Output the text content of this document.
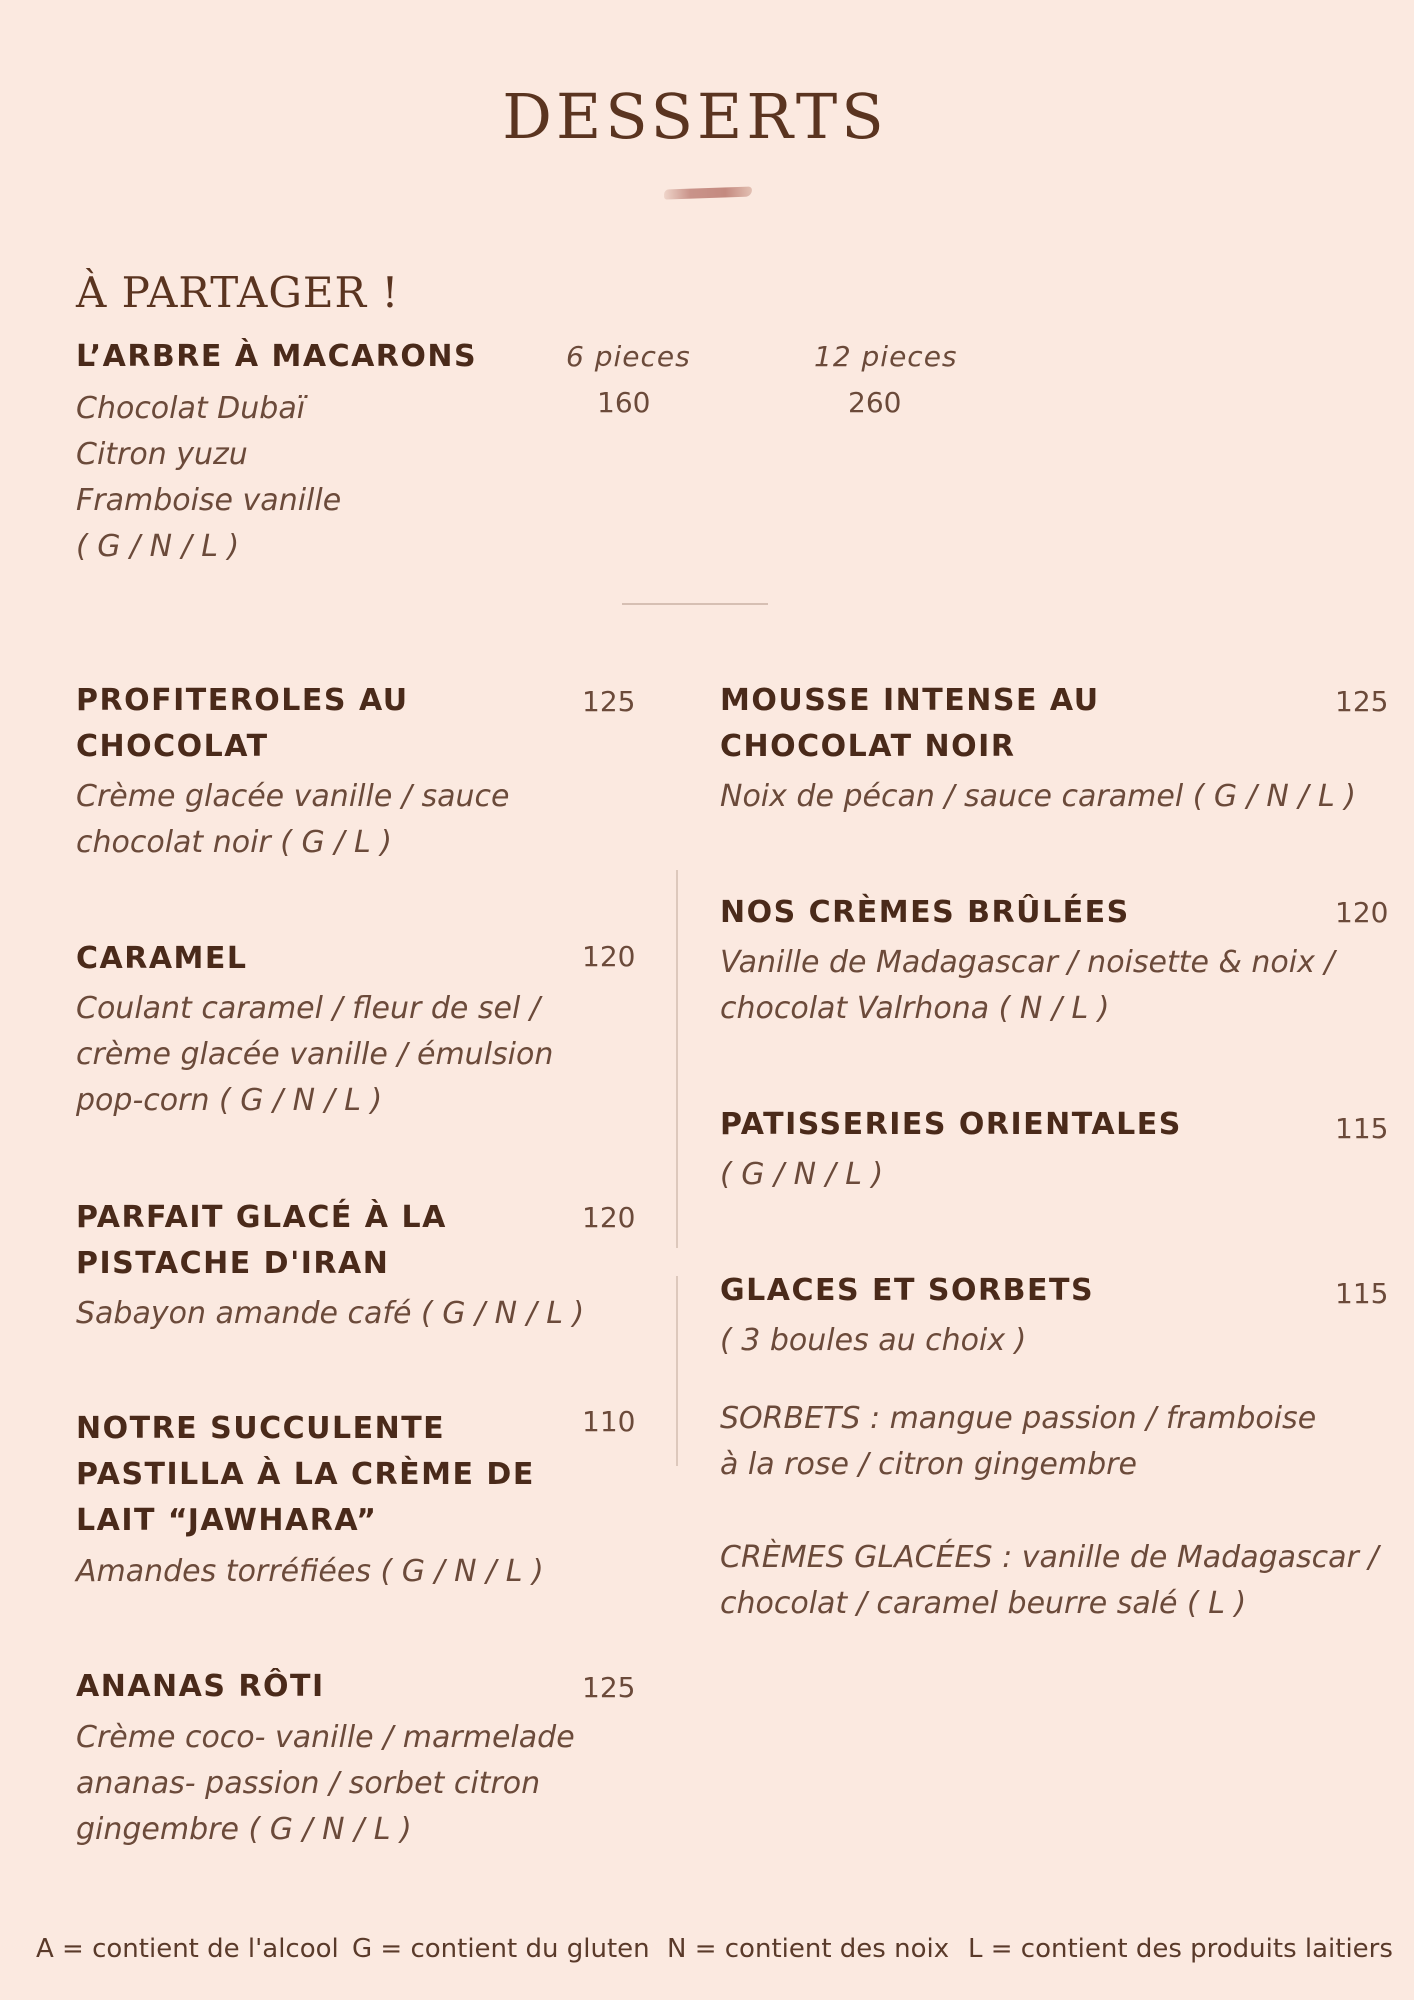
DESSERTS
À PARTAGER !
L’ARBRE À MACARONS
Chocolat Dubaï
Citron yuzu
Framboise vanille
( G / N / L )
6 pieces
160
12 pieces
260
PROFITEROLES AU
CHOCOLAT
125
Crème glacée vanille / sauce
chocolat noir ( G / L )
CARAMEL	120
Coulant caramel / fleur de sel /
crème glacée vanille / émulsion
pop-corn ( G / N / L )
PARFAIT GLACÉ À LA
PISTACHE D'IRAN
120
Sabayon amande café ( G / N / L )
NOTRE SUCCULENTE
PASTILLA À LA CRÈME DE
LAIT “JAWHARA”
110
Amandes torréfiées ( G / N / L )
ANANAS RÔTI	125
Crème coco- vanille / marmelade
ananas- passion / sorbet citron
gingembre ( G / N / L )
MOUSSE INTENSE AU
CHOCOLAT NOIR
125
Noix de pécan / sauce caramel ( G / N / L )
NOS CRÈMES BRÛLÉES	120
Vanille de Madagascar / noisette & noix /
chocolat Valrhona ( N / L )
PATISSERIES ORIENTALES	115
( G / N / L )
GLACES ET SORBETS	115
( 3 boules au choix )
SORBETS : mangue passion / framboise
à la rose / citron gingembre
CRÈMES GLACÉES : vanille de Madagascar /
chocolat / caramel beurre salé ( L )
A = contient de l'alcool G = contient du gluten N = contient des noix L = contient des produits laitiers
